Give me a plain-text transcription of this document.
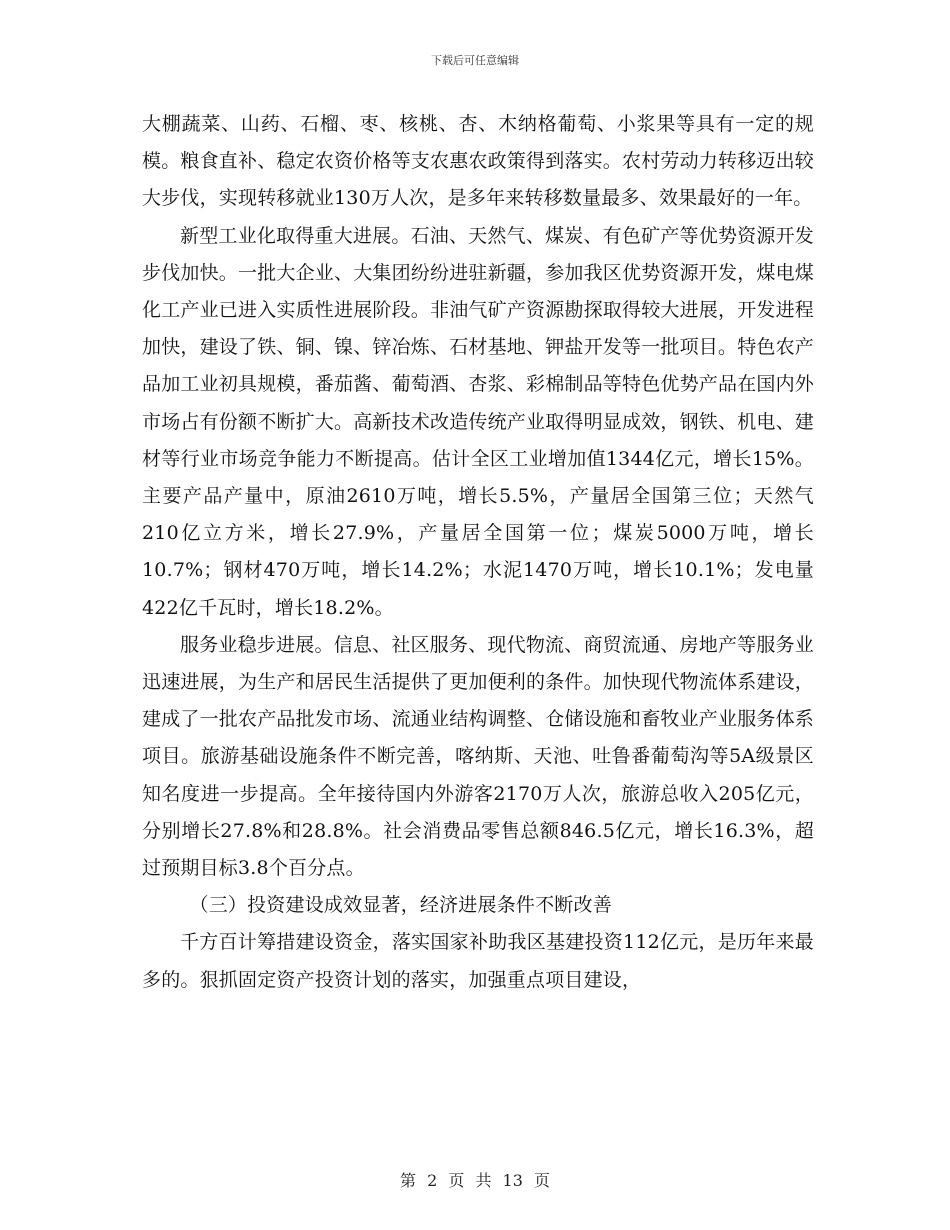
下载后可任意编辑

大棚蔬菜、山药、石榴、枣、核桃、杏、木纳格葡萄、小浆果等具有一定的规模。粮食直补、稳定农资价格等支农惠农政策得到落实。农村劳动力转移迈出较大步伐，实现转移就业130万人次，是多年来转移数量最多、效果最好的一年。

新型工业化取得重大进展。石油、天然气、煤炭、有色矿产等优势资源开发步伐加快。一批大企业、大集团纷纷进驻新疆，参加我区优势资源开发，煤电煤化工产业已进入实质性进展阶段。非油气矿产资源勘探取得较大进展，开发进程加快，建设了铁、铜、镍、锌冶炼、石材基地、钾盐开发等一批项目。特色农产品加工业初具规模，番茄酱、葡萄酒、杏浆、彩棉制品等特色优势产品在国内外市场占有份额不断扩大。高新技术改造传统产业取得明显成效，钢铁、机电、建材等行业市场竞争能力不断提高。估计全区工业增加值1344亿元，增长15%。主要产品产量中，原油2610万吨，增长5.5%，产量居全国第三位；天然气210亿立方米，增长27.9%，产量居全国第一位；煤炭5000万吨，增长10.7%；钢材470万吨，增长14.2%；水泥1470万吨，增长10.1%；发电量422亿千瓦时，增长18.2%。

服务业稳步进展。信息、社区服务、现代物流、商贸流通、房地产等服务业迅速进展，为生产和居民生活提供了更加便利的条件。加快现代物流体系建设，建成了一批农产品批发市场、流通业结构调整、仓储设施和畜牧业产业服务体系项目。旅游基础设施条件不断完善，喀纳斯、天池、吐鲁番葡萄沟等5A级景区知名度进一步提高。全年接待国内外游客2170万人次，旅游总收入205亿元，分别增长27.8%和28.8%。社会消费品零售总额846.5亿元，增长16.3%，超过预期目标3.8个百分点。

（三）投资建设成效显著，经济进展条件不断改善

千方百计筹措建设资金，落实国家补助我区基建投资112亿元，是历年来最多的。狠抓固定资产投资计划的落实，加强重点项目建设，

第 2 页 共 13 页
